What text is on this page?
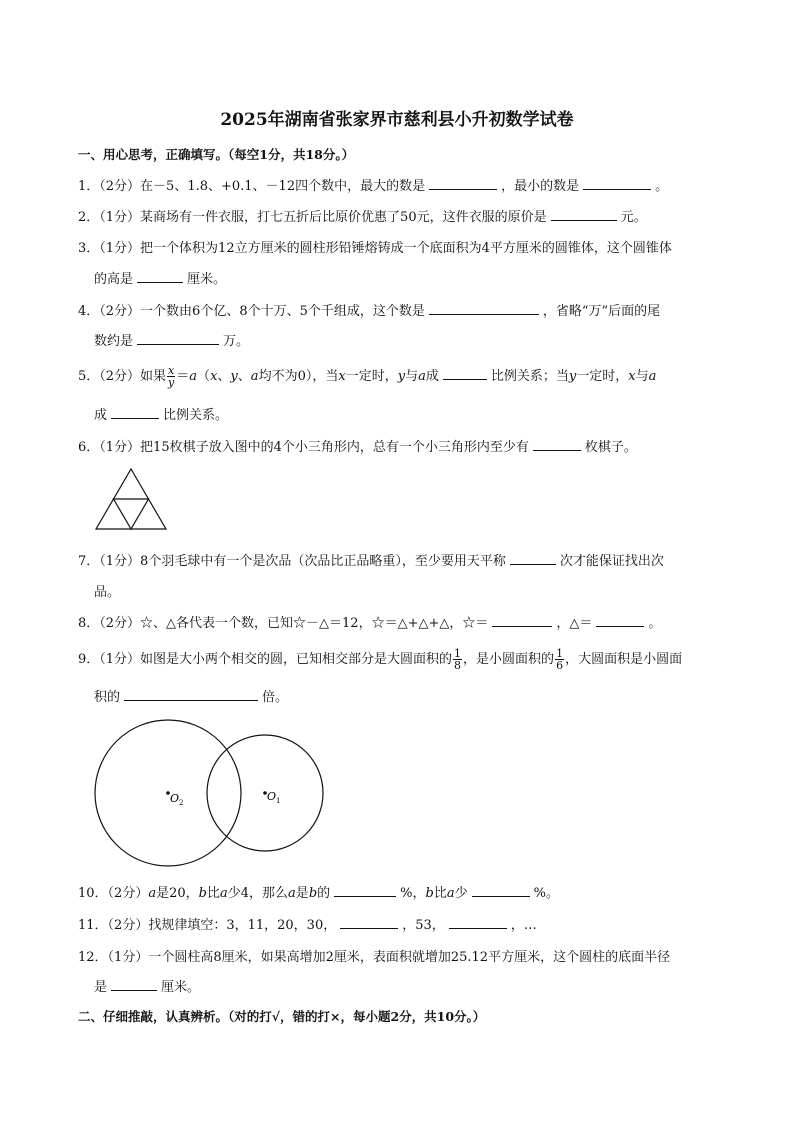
2025年湖南省张家界市慈利县小升初数学试卷
一、用心思考，正确填写。（每空1分，共18分。）
1．（2分）在－5、1.8、+0.1、－12四个数中，最大的数是	，最小的数是	。
2．（1分）某商场有一件衣服，打七五折后比原价优惠了50元，这件衣服的原价是	元。
3．（1分）把一个体积为12立方厘米的圆柱形铅锤熔铸成一个底面积为4平方厘米的圆锥体，这个圆锥体
的高是	厘米。
4．（2分）一个数由6个亿、8个十万、5个千组成，这个数是	，省略“万”后面的尾
数约是	万。
5．（2分）如果 $\frac{x}{y} =a(x$、y、a均不为0），当x一定时，y与a成	比例关系；当y一定时，x与a
成	比例关系。
6．（1分）把15枚棋子放入图中的4个小三角形内，总有一个小三角形内至少有	枚棋子。
7．（1分）8个羽毛球中有一个是次品（次品比正品略重），至少要用天平称	次才能保证找出次
品。
8．（2分）☆、△各代表一个数，已知☆－△＝12，☆＝△+△+△，☆＝	，△＝	。
9．（1分）如图是大小两个相交的圆，已知相交部分是大圆面积的 $\frac{1}{8}$ ，是小圆面积的 $\frac{1}{6}$ ，大圆面积是小圆面
积的	倍。
$O_2$	$O_1$
10．（2分）a是20，b比a少4，那么a是b的	%，b比a少	%。
11．（2分）找规律填空：3，11，20，30，	，53，	，…
12．（1分）一个圆柱高8厘米，如果高增加2厘米，表面积就增加25.12平方厘米，这个圆柱的底面半径
是	厘米。
二、仔细推敲，认真辨析。（对的打√，错的打×，每小题2分，共10分。）
